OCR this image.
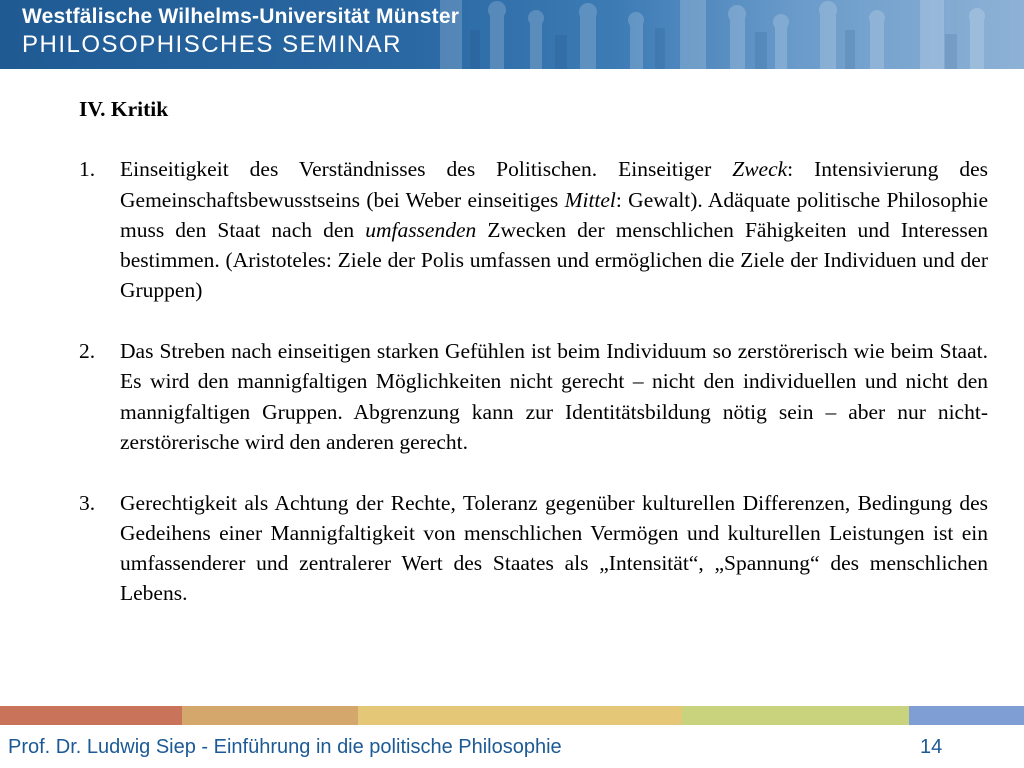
Westfälische Wilhelms-Universität Münster
PHILOSOPHISCHES SEMINAR
IV. Kritik
1.	Einseitigkeit des Verständnisses des Politischen. Einseitiger Zweck: Intensivierung des Gemeinschaftsbewusstseins (bei Weber einseitiges Mittel: Gewalt). Adäquate politische Philosophie muss den Staat nach den umfassenden Zwecken der menschlichen Fähigkeiten und Interessen bestimmen. (Aristoteles: Ziele der Polis umfassen und ermöglichen die Ziele der Individuen und der Gruppen)
2.	Das Streben nach einseitigen starken Gefühlen ist beim Individuum so zerstörerisch wie beim Staat. Es wird den mannigfaltigen Möglichkeiten nicht gerecht – nicht den individuellen und nicht den mannigfaltigen Gruppen. Abgrenzung kann zur Identitätsbildung nötig sein – aber nur nicht-zerstörerische wird den anderen gerecht.
3.	Gerechtigkeit als Achtung der Rechte, Toleranz gegenüber kulturellen Differenzen, Bedingung des Gedeihens einer Mannigfaltigkeit von menschlichen Vermögen und kulturellen Leistungen ist ein umfassenderer und zentralerer Wert des Staates als „Intensität“, „Spannung“ des menschlichen Lebens.
Prof. Dr. Ludwig Siep - Einführung in die politische Philosophie	14
